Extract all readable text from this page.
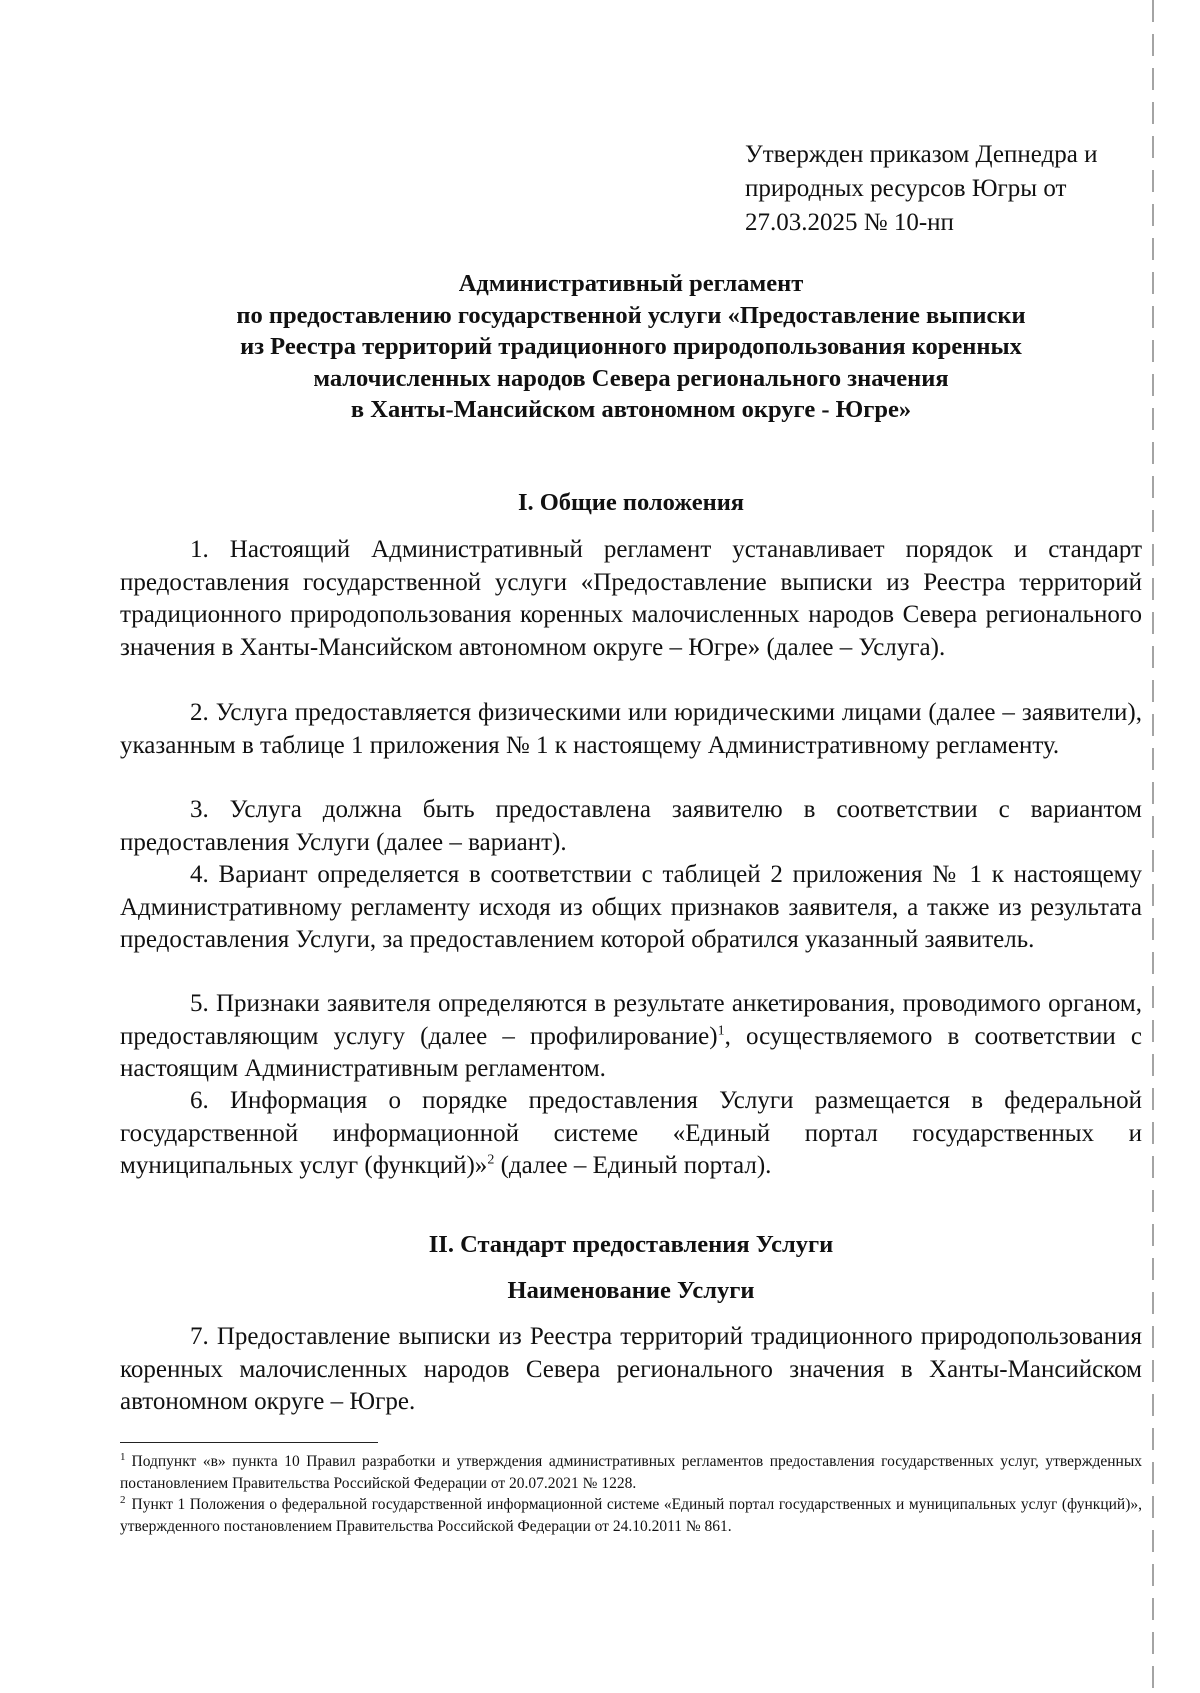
Утвержден приказом Депнедра и
природных ресурсов Югры от
27.03.2025 № 10-нп
Административный регламент
по предоставлению государственной услуги «Предоставление выписки
из Реестра территорий традиционного природопользования коренных
малочисленных народов Севера регионального значения
в Ханты-Мансийском автономном округе - Югре»
I. Общие положения

1. Настоящий Административный регламент устанавливает порядок и стандарт предоставления государственной услуги «Предоставление выписки из Реестра территорий традиционного природопользования коренных малочисленных народов Севера регионального значения в Ханты-Мансийском автономном округе – Югре» (далее – Услуга).

2. Услуга предоставляется физическими или юридическими лицами (далее – заявители), указанным в таблице 1 приложения № 1 к настоящему Административному регламенту.

3. Услуга должна быть предоставлена заявителю в соответствии с вариантом предоставления Услуги (далее – вариант).

4. Вариант определяется в соответствии с таблицей 2 приложения № 1 к настоящему Административному регламенту исходя из общих признаков заявителя, а также из результата предоставления Услуги, за предоставлением которой обратился указанный заявитель.

5. Признаки заявителя определяются в результате анкетирования, проводимого органом, предоставляющим услугу (далее – профилирование)$^1$, осуществляемого в соответствии с настоящим Административным регламентом.

6. Информация о порядке предоставления Услуги размещается в федеральной государственной информационной системе «Единый портал государственных и муниципальных услуг (функций)»$^2$ (далее – Единый портал).

II. Стандарт предоставления Услуги
Наименование Услуги

7. Предоставление выписки из Реестра территорий традиционного природопользования коренных малочисленных народов Севера регионального значения в Ханты-Мансийском автономном округе – Югре.

$^1$ Подпункт «в» пункта 10 Правил разработки и утверждения административных регламентов предоставления государственных услуг, утвержденных постановлением Правительства Российской Федерации от 20.07.2021 № 1228.

$^2$ Пункт 1 Положения о федеральной государственной информационной системе «Единый портал государственных и муниципальных услуг (функций)», утвержденного постановлением Правительства Российской Федерации от 24.10.2011 № 861.
